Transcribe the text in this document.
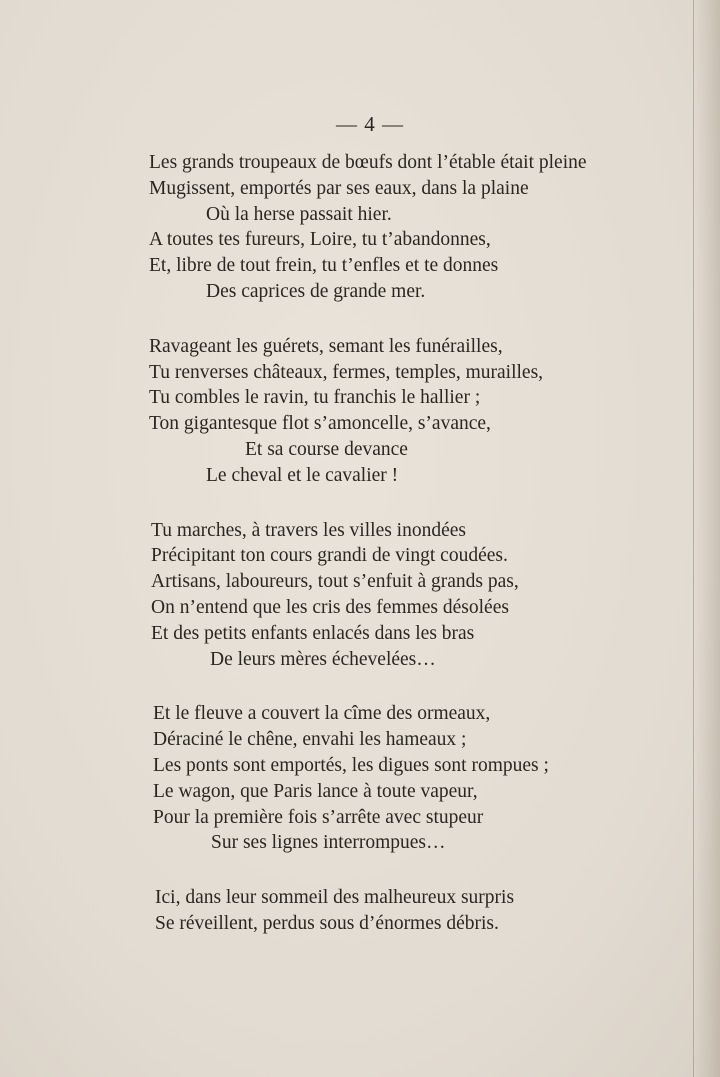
— 4 —
Les grands troupeaux de bœufs dont l’étable était pleine
Mugissent, emportés par ses eaux, dans la plaine
Où la herse passait hier.
A toutes tes fureurs, Loire, tu t’abandonnes,
Et, libre de tout frein, tu t’enfles et te donnes
Des caprices de grande mer.
Ravageant les guérets, semant les funérailles,
Tu renverses châteaux, fermes, temples, murailles,
Tu combles le ravin, tu franchis le hallier ;
Ton gigantesque flot s’amoncelle, s’avance,
Et sa course devance
Le cheval et le cavalier !
Tu marches, à travers les villes inondées
Précipitant ton cours grandi de vingt coudées.
Artisans, laboureurs, tout s’enfuit à grands pas,
On n’entend que les cris des femmes désolées
Et des petits enfants enlacés dans les bras
De leurs mères échevelées…
Et le fleuve a couvert la cîme des ormeaux,
Déraciné le chêne, envahi les hameaux ;
Les ponts sont emportés, les digues sont rompues ;
Le wagon, que Paris lance à toute vapeur,
Pour la première fois s’arrête avec stupeur
Sur ses lignes interrompues…
Ici, dans leur sommeil des malheureux surpris
Se réveillent, perdus sous d’énormes débris.
